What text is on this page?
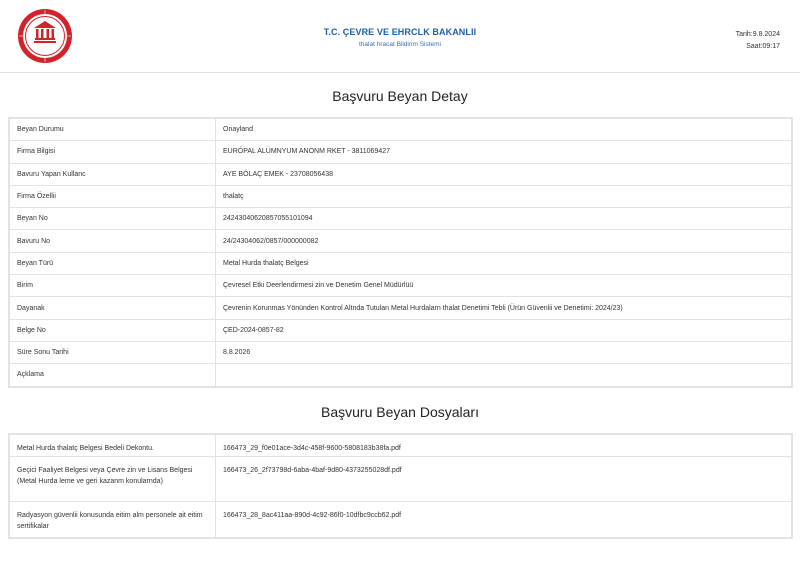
T.C. ÇEVRE VE EHRCLK BAKANLII
thalat hracat Bildirim Sistemi
Tarih:9.8.2024
Saat:09:17
Başvuru Beyan Detay
Beyan Durumu	Onayland
Firma Bilgisi	EURÓPAL ALÜMNYUM ANONM RKET - 3811069427
Bavuru Yapan Kullanc	AYE BÓLAÇ EMEK - 23708056438
Firma Özellii	thalatç
Beyan No	24243040620857055101094
Bavuru No	24/24304062/0857/000000082
Beyan Türü	Metal Hurda thalatç Belgesi
Birim	Çevresel Etki Deerlendirmesi zin ve Denetim Genel Müdürlüü
Dayanak	Çevrenin Korunmas Yönünden Kontrol Altnda Tutulan Metal Hurdalarn thalat Denetimi Tebli (Ürün Güvenlii ve Denetimi: 2024/23)
Belge No	ÇED-2024-0857-82
Süre Sonu Tarihi	8.8.2026
Açklama	
Başvuru Beyan Dosyaları
Metal Hurda thalatç Belgesi Bedeli Dekontu.	166473_29_f0e01ace-3d4c-458f-9600-5808183b38fa.pdf
Geçici Faaliyet Belgesi veya Çevre zin ve Lisans Belgesi (Metal Hurda leme ve geri kazanm konularnda)	166473_26_2f73798d-6aba-4baf-9d80-4373255028df.pdf
Radyasyon güvenlii konusunda eitim alm personele ait eitim sertifikalar	166473_28_8ac411aa-890d-4c92-86f0-10dfbc9ccb62.pdf
